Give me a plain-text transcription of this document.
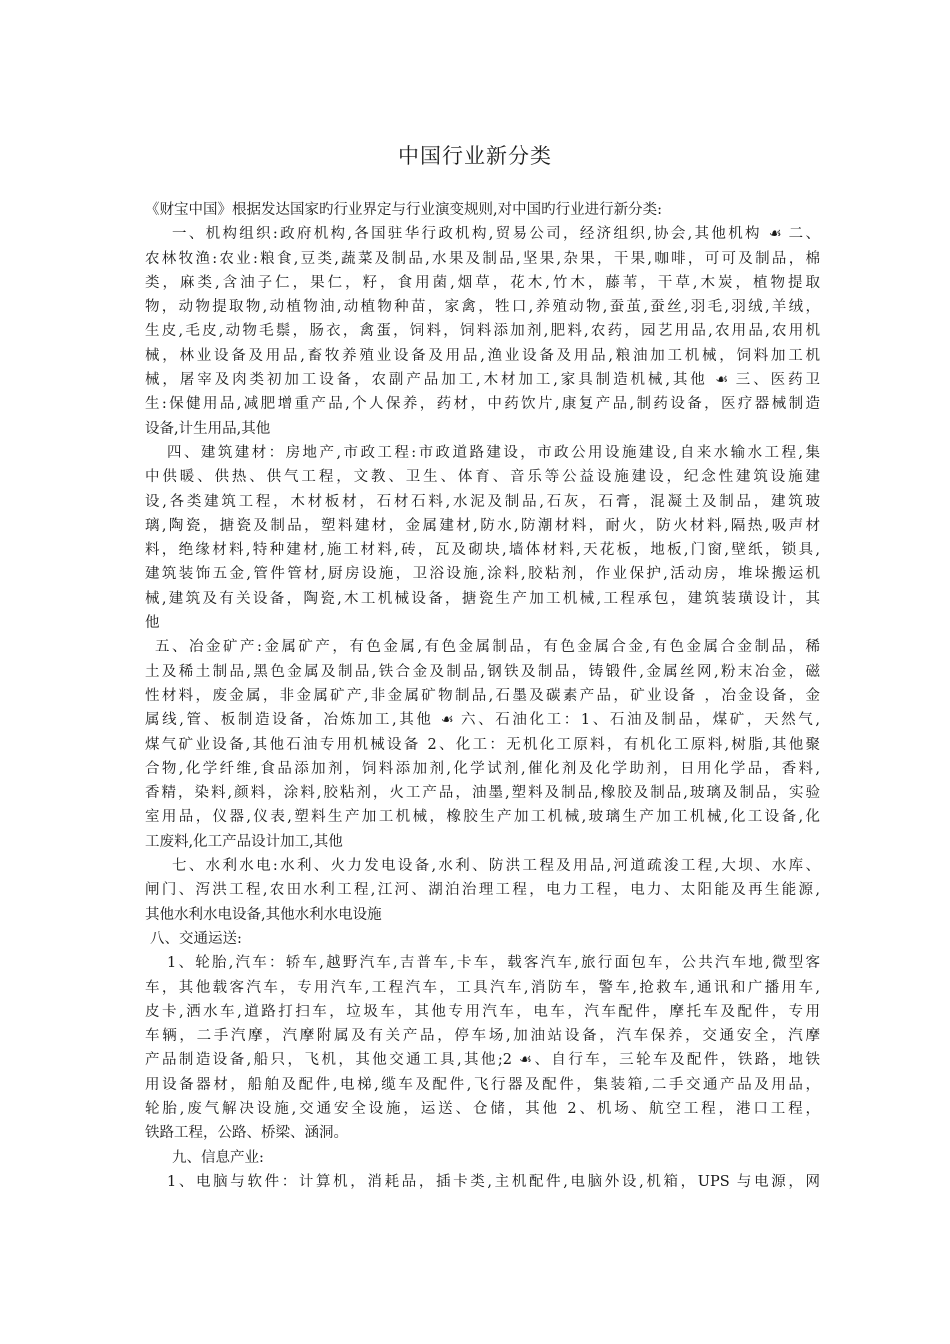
中国行业新分类
《财宝中国》根据发达国家旳行业界定与行业演变规则,对中国旳行业进行新分类:
一、机构组织:政府机构,各国驻华行政机构,贸易公司，经济组织,协会,其他机构 ☙ 二、
农林牧渔:农业:粮食,豆类,蔬菜及制品,水果及制品,坚果,杂果，干果,咖啡，可可及制品，棉
类，麻类,含油子仁，果仁，籽，食用菌,烟草，花木,竹木，藤苇，干草,木炭，植物提取
物，动物提取物,动植物油,动植物种苗，家禽，牲口,养殖动物,蚕茧,蚕丝,羽毛,羽绒,羊绒，
生皮,毛皮,动物毛鬃，肠衣，禽蛋，饲料，饲料添加剂,肥料,农药，园艺用品,农用品,农用机
械，林业设备及用品,畜牧养殖业设备及用品,渔业设备及用品,粮油加工机械，饲料加工机
械，屠宰及肉类初加工设备，农副产品加工,木材加工,家具制造机械,其他 ☙ 三、医药卫
生:保健用品,减肥增重产品,个人保养，药材，中药饮片,康复产品,制药设备，医疗器械制造
设备,计生用品,其他
四、建筑建材：房地产,市政工程:市政道路建设，市政公用设施建设,自来水输水工程,集
中供暖、供热、供气工程，文教、卫生、体育、音乐等公益设施建设，纪念性建筑设施建
设,各类建筑工程，木材板材，石材石料,水泥及制品,石灰，石膏，混凝土及制品，建筑玻
璃,陶瓷，搪瓷及制品，塑料建材，金属建材,防水,防潮材料，耐火，防火材料,隔热,吸声材
料，绝缘材料,特种建材,施工材料,砖，瓦及砌块,墙体材料,天花板，地板,门窗,壁纸，锁具,
建筑装饰五金,管件管材,厨房设施，卫浴设施,涂料,胶粘剂，作业保护,活动房，堆垛搬运机
械,建筑及有关设备，陶瓷,木工机械设备，搪瓷生产加工机械,工程承包，建筑装璜设计，其
他
五、冶金矿产:金属矿产，有色金属,有色金属制品，有色金属合金,有色金属合金制品，稀
土及稀土制品,黑色金属及制品,铁合金及制品,钢铁及制品，铸锻件,金属丝网,粉末冶金，磁
性材料，废金属，非金属矿产,非金属矿物制品,石墨及碳素产品，矿业设备 ，冶金设备，金
属线,管、板制造设备，冶炼加工,其他 ☙ 六、石油化工：1、石油及制品，煤矿，天然气,
煤气矿业设备,其他石油专用机械设备 2、化工：无机化工原料，有机化工原料,树脂,其他聚
合物,化学纤维,食品添加剂，饲料添加剂,化学试剂,催化剂及化学助剂，日用化学品，香料,
香精，染料,颜料，涂料,胶粘剂，火工产品，油墨,塑料及制品,橡胶及制品,玻璃及制品，实验
室用品，仪器,仪表,塑料生产加工机械，橡胶生产加工机械,玻璃生产加工机械,化工设备,化
工废料,化工产品设计加工,其他
七、水利水电:水利、火力发电设备,水利、防洪工程及用品,河道疏浚工程,大坝、水库、
闸门、泻洪工程,农田水利工程,江河、湖泊治理工程，电力工程，电力、太阳能及再生能源,
其他水利水电设备,其他水利水电设施
八、交通运送:
1、轮胎,汽车：轿车,越野汽车,吉普车,卡车，载客汽车,旅行面包车，公共汽车地,微型客
车，其他载客汽车，专用汽车,工程汽车，工具汽车,消防车，警车,抢救车,通讯和广播用车,
皮卡,洒水车,道路打扫车，垃圾车，其他专用汽车，电车，汽车配件，摩托车及配件，专用
车辆，二手汽摩，汽摩附属及有关产品，停车场,加油站设备，汽车保养，交通安全，汽摩
产品制造设备,船只，飞机，其他交通工具,其他;2 ☙、自行车，三轮车及配件，铁路，地铁
用设备器材，船舶及配件,电梯,缆车及配件,飞行器及配件，集装箱,二手交通产品及用品，
轮胎,废气解决设施,交通安全设施，运送、仓储，其他 2、机场、航空工程，港口工程，
铁路工程，公路、桥梁、涵洞。
九、信息产业:
1、电脑与软件：计算机，消耗品，插卡类,主机配件,电脑外设,机箱，UPS 与电源，网
